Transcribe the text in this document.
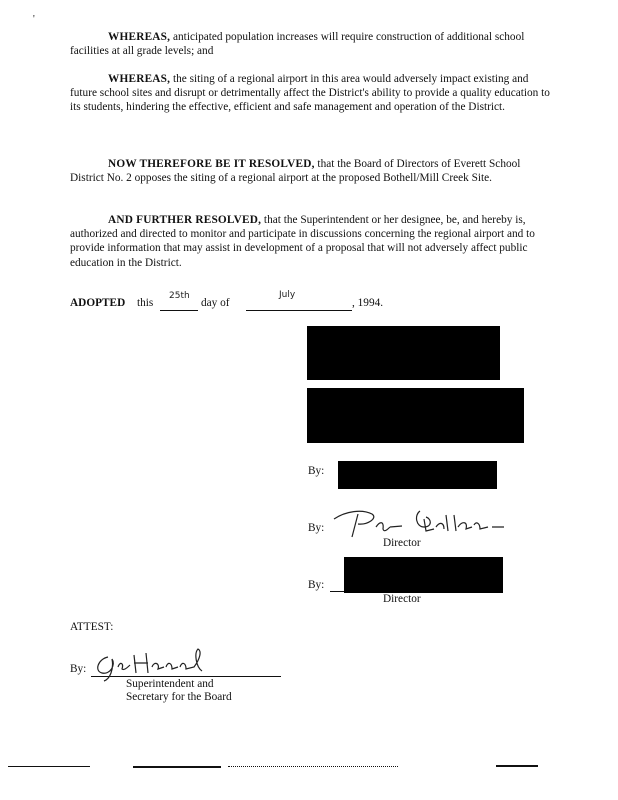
'

WHEREAS, anticipated population increases will require construction of additional school facilities at all grade levels; and

WHEREAS, the siting of a regional airport in this area would adversely impact existing and future school sites and disrupt or detrimentally affect the District's ability to provide a quality education to its students, hindering the effective, efficient and safe management and operation of the District.

NOW THEREFORE BE IT RESOLVED, that the Board of Directors of Everett School District No. 2 opposes the siting of a regional airport at the proposed Bothell/Mill Creek Site.

AND FURTHER RESOLVED, that the Superintendent or her designee, be, and hereby is, authorized and directed to monitor and participate in discussions concerning the regional airport and to provide information that may assist in development of a proposal that will not adversely affect public education in the District.

ADOPTED this
25th
day of
July
, 1994.
By:
By:
Director
By:
Director
ATTEST:
By:
Superintendent and
Secretary for the Board
